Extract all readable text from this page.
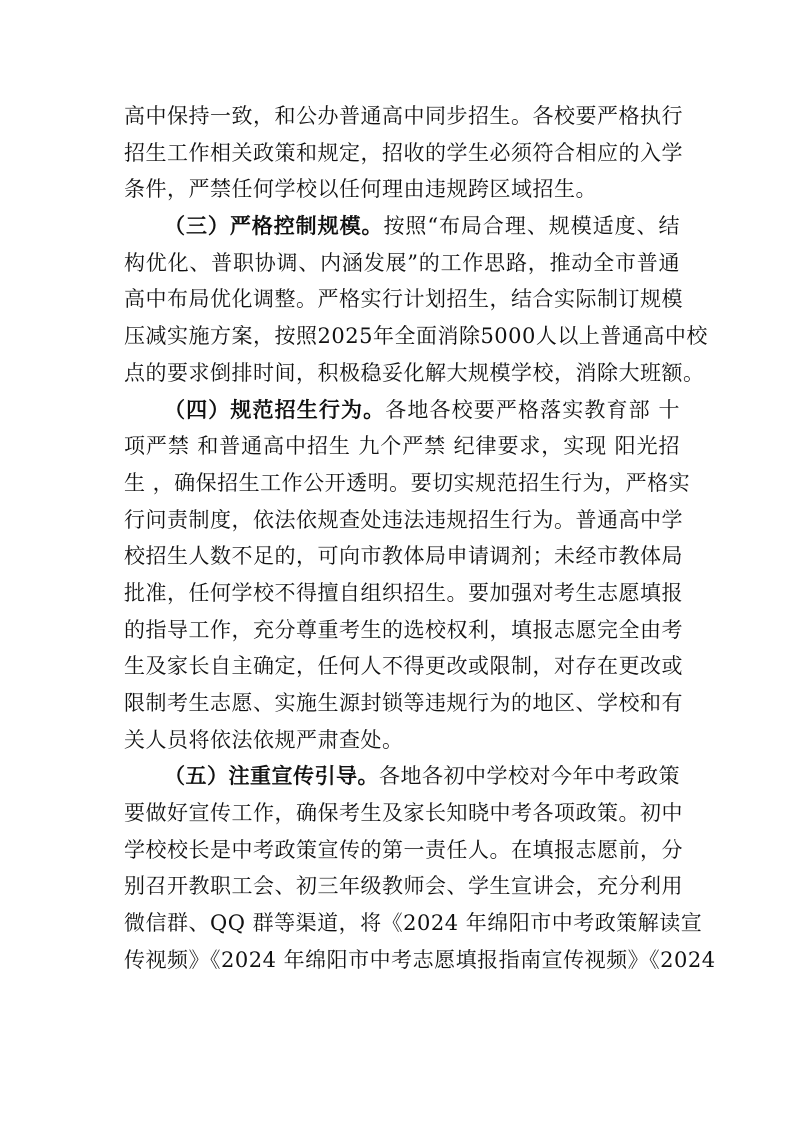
高中保持一致，和公办普通高中同步招生。各校要严格执行
招生工作相关政策和规定，招收的学生必须符合相应的入学
条件，严禁任何学校以任何理由违规跨区域招生。
（三）严格控制规模。按照“布局合理、规模适度、结
构优化、普职协调、内涵发展”的工作思路，推动全市普通
高中布局优化调整。严格实行计划招生，结合实际制订规模
压减实施方案，按照2025年全面消除5000人以上普通高中校
点的要求倒排时间，积极稳妥化解大规模学校，消除大班额。
（四）规范招生行为。各地各校要严格落实教育部 十
项严禁 和普通高中招生 九个严禁 纪律要求，实现 阳光招
生 ，确保招生工作公开透明。要切实规范招生行为，严格实
行问责制度，依法依规查处违法违规招生行为。普通高中学
校招生人数不足的，可向市教体局申请调剂；未经市教体局
批准，任何学校不得擅自组织招生。要加强对考生志愿填报
的指导工作，充分尊重考生的选校权利，填报志愿完全由考
生及家长自主确定，任何人不得更改或限制，对存在更改或
限制考生志愿、实施生源封锁等违规行为的地区、学校和有
关人员将依法依规严肃查处。
（五）注重宣传引导。各地各初中学校对今年中考政策
要做好宣传工作，确保考生及家长知晓中考各项政策。初中
学校校长是中考政策宣传的第一责任人。在填报志愿前，分
别召开教职工会、初三年级教师会、学生宣讲会，充分利用
微信群、QQ 群等渠道，将《2024 年绵阳市中考政策解读宣
传视频》《2024 年绵阳市中考志愿填报指南宣传视频》《2024
